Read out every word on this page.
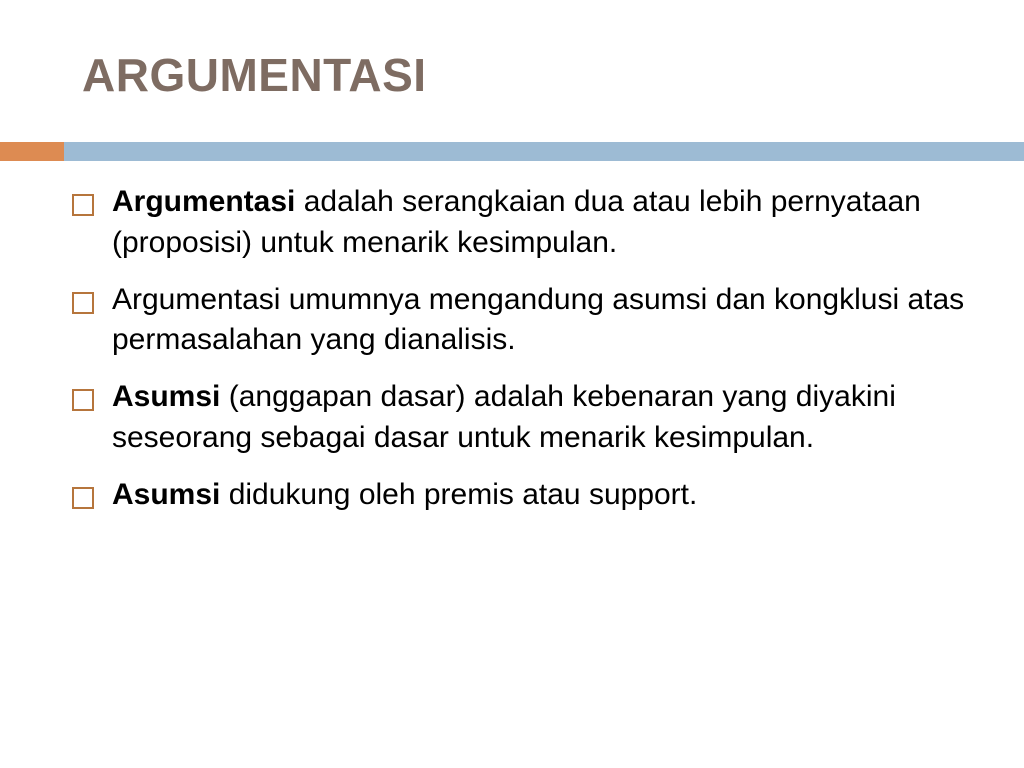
ARGUMENTASI
Argumentasi adalah serangkaian dua atau lebih pernyataan (proposisi) untuk menarik kesimpulan.
Argumentasi umumnya mengandung asumsi dan kongklusi atas permasalahan yang dianalisis.
Asumsi (anggapan dasar) adalah kebenaran yang diyakini seseorang sebagai dasar untuk menarik kesimpulan.
Asumsi didukung oleh premis atau support.
